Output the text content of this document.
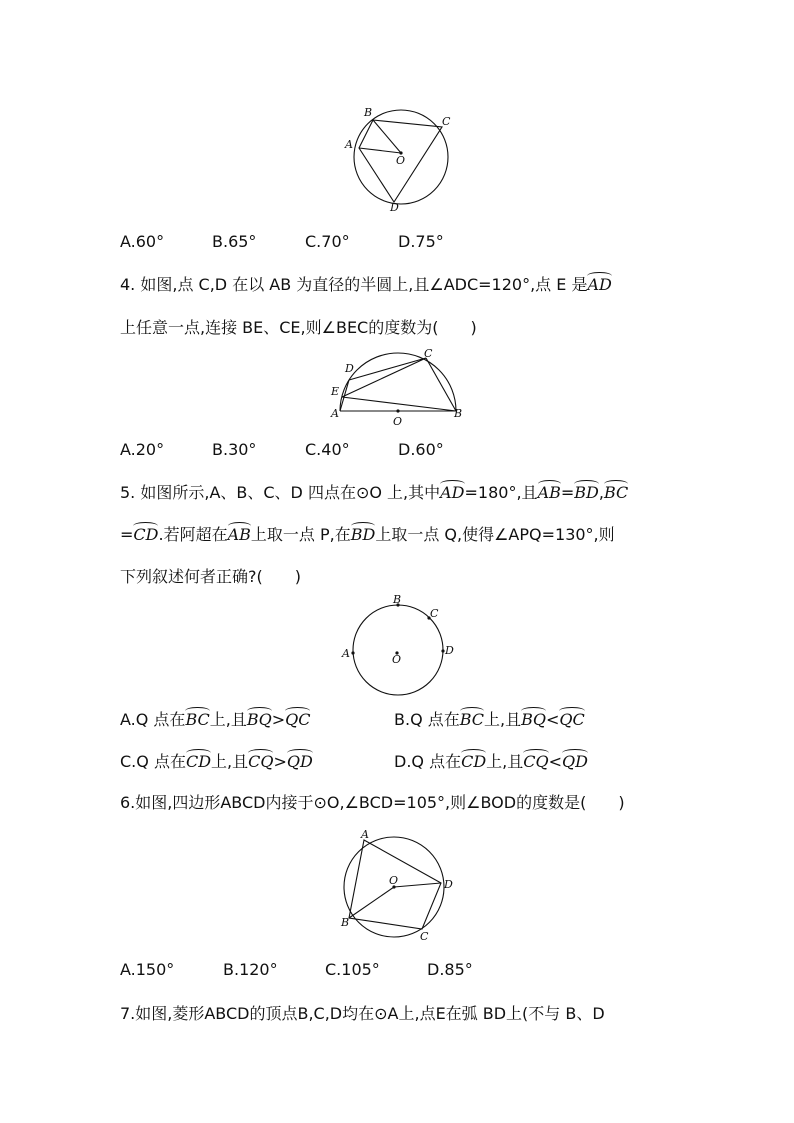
B
C
A
O
D
A.60°	B.65°	C.70°	D.75°
4. 如图,点 C,D 在以 AB 为直径的半圆上,且∠ADC=120°,点 E 是AD
上任意一点,连接 BE、CE,则∠BEC的度数为(　　)
D
C
E
A
O
B
A.20°	B.30°	C.40°	D.60°
5. 如图所示,A、B、C、D 四点在⊙O 上,其中AD=180°,且AB=BD,BC
=CD.若阿超在AB上取一点 P,在BD上取一点 Q,使得∠APQ=130°,则
下列叙述何者正确?(　　)
B
C
D
A	O
A.Q 点在BC上,且BQ>QC	B.Q 点在BC上,且BQ<QC
C.Q 点在CD上,且CQ>QD	D.Q 点在CD上,且CQ<QD
6.如图,四边形ABCD内接于⊙O,∠BCD=105°,则∠BOD的度数是(　　)
A
O	D
B
C
A.150°	B.120°	C.105°	D.85°
7.如图,菱形ABCD的顶点B,C,D均在⊙A上,点E在弧 BD上(不与 B、D
